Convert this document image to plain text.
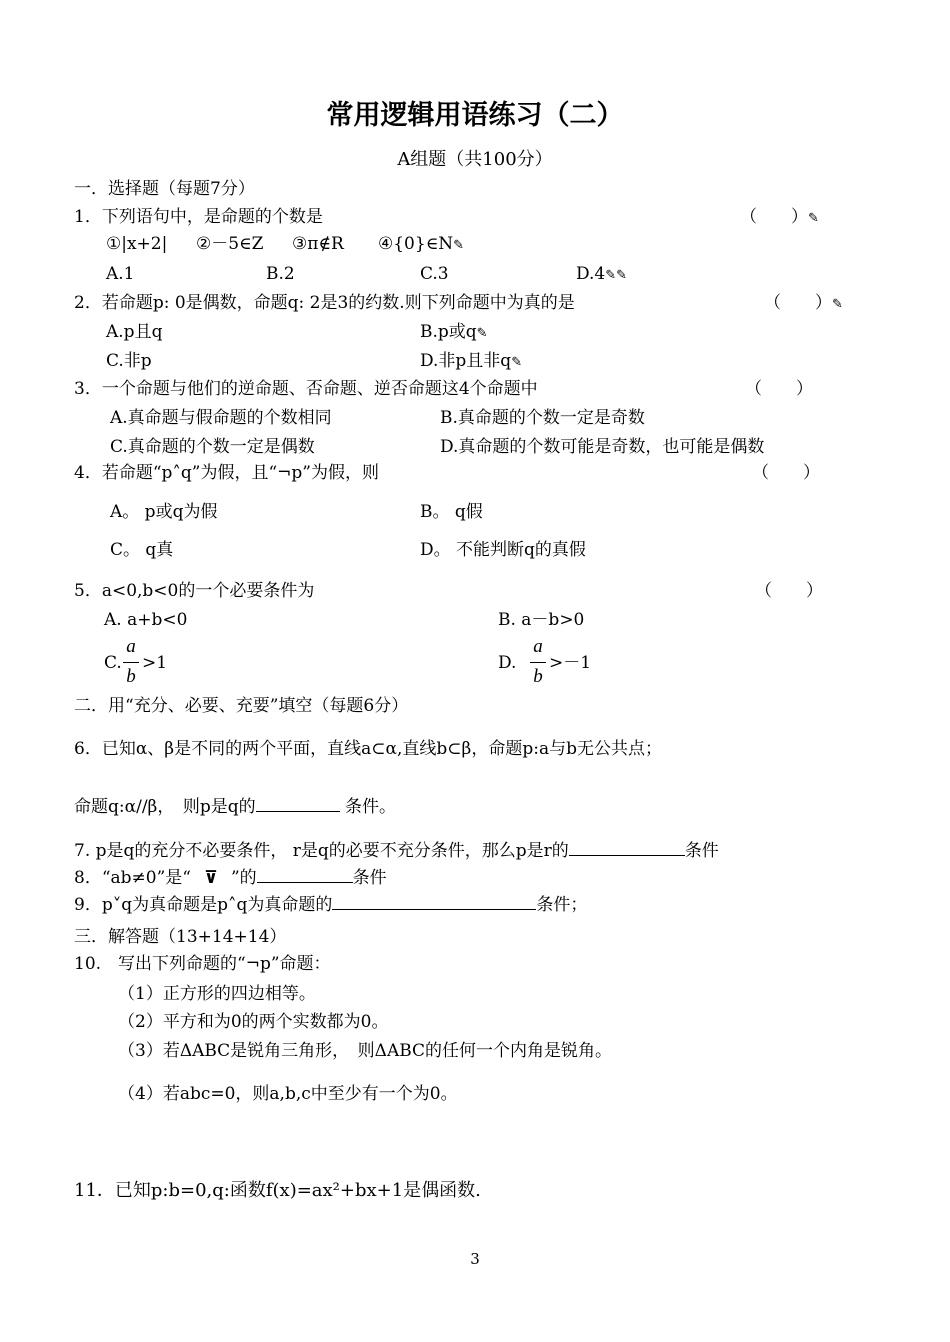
常用逻辑用语练习（二）
A组题（共100分）
一．选择题（每题7分）
1．下列语句中，是命题的个数是	（　　）✎
①|x+2| ②－5∈Z ③π∉R ④{0}∈N✎
A.1	B.2	C.3	D.4✎✎
2．若命题p: 0是偶数，命题q: 2是3的约数.则下列命题中为真的是	（　　）✎
A.p且q	B.p或q✎
C.非p	D.非p且非q✎
3．一个命题与他们的逆命题、否命题、逆否命题这4个命题中	（　　）
A.真命题与假命题的个数相同	B.真命题的个数一定是奇数
C.真命题的个数一定是偶数	D.真命题的个数可能是奇数，也可能是偶数
4．若命题“p˄q”为假，且“¬p”为假，则	（　　）
A。 p或q为假	B。 q假
C。 q真	D。 不能判断q的真假
5．a<0,b<0的一个必要条件为	（　　）
A. a+b<0	B. a－b>0
C.
a
b
>1	D.
a
b
>－1
二．用“充分、必要、充要”填空（每题6分）
6．已知α、β是不同的两个平面，直线a⊂α,直线b⊂β，命题p:a与b无公共点；
命题q:α//β，　则p是q的	条件。
7. p是q的充分不必要条件， r是q的必要不充分条件，那么p是r的	条件
8．“ab≠0”是“ ⊽ ”的	条件
9．p˅q为真命题是p˄q为真命题的	条件；
三．解答题（13+14+14）
10.　写出下列命题的“¬p”命题：
（1）正方形的四边相等。
（2）平方和为0的两个实数都为0。
（3）若ΔABC是锐角三角形，　则ΔABC的任何一个内角是锐角。
（4）若abc=0，则a,b,c中至少有一个为0。
11．已知p:b=0,q:函数f(x)=ax²+bx+1是偶函数.
3
